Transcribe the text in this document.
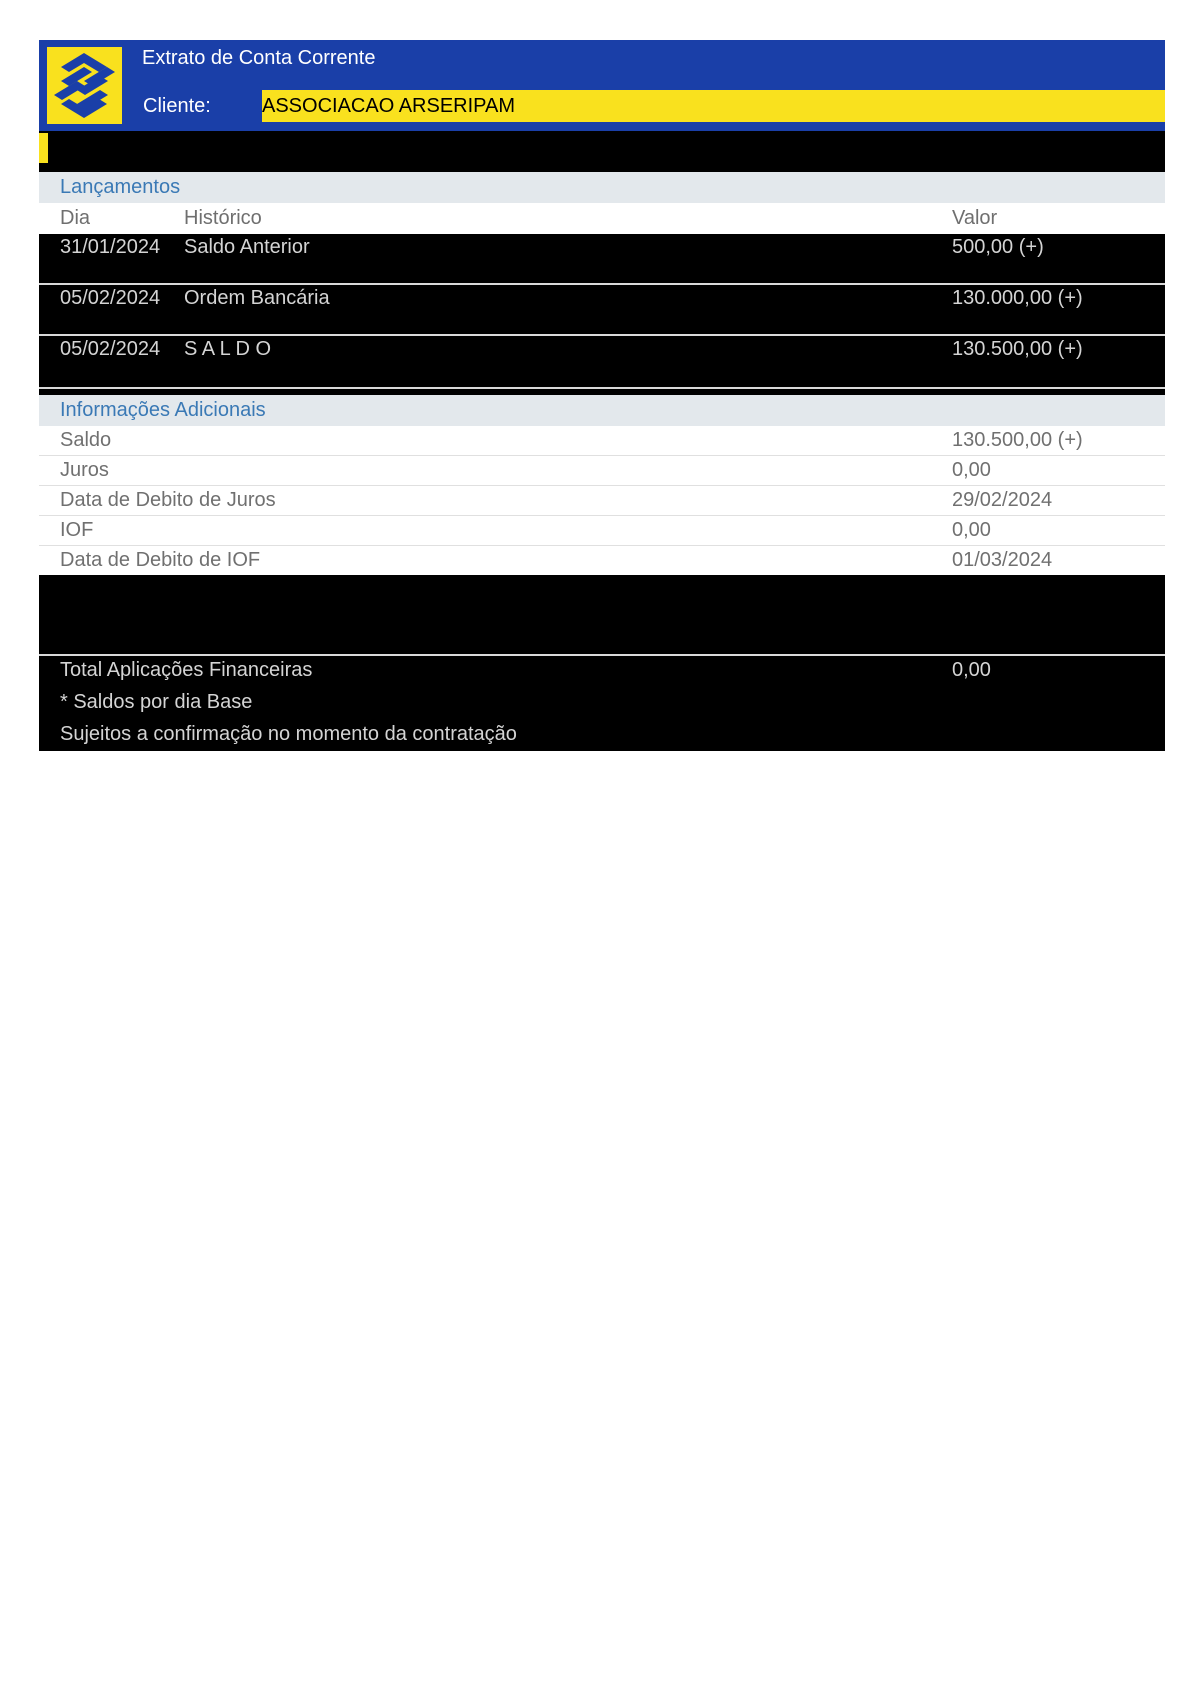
Extrato de Conta Corrente
Cliente:	ASSOCIACAO ARSERIPAM
Lançamentos
Dia	Histórico	Valor
31/01/2024 Saldo Anterior	500,00 (+)
05/02/2024 Ordem Bancária	130.000,00 (+)
05/02/2024 S A L D O	130.500,00 (+)
Informações Adicionais
Saldo	130.500,00 (+)
Juros	0,00
Data de Debito de Juros	29/02/2024
IOF	0,00
Data de Debito de IOF	01/03/2024
Total Aplicações Financeiras	0,00
* Saldos por dia Base
Sujeitos a confirmação no momento da contratação
